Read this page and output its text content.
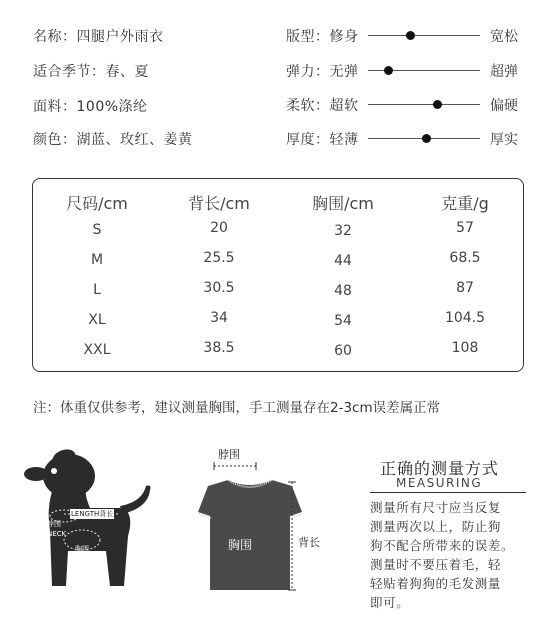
名称：四腿户外雨衣
适合季节：春、夏
面料：100%涤纶
颜色：湖蓝、玫红、姜黄
版型：修身	宽松
弹力：无弹	超弹
柔软：超软	偏硬
厚度：轻薄	厚实
尺码/cm	背长/cm	胸围/cm	克重/g
S	20	32	57
M	25.5	44	68.5
L	30.5	48	87
XL	34	54	104.5
XXL	38.5	60	108
注：体重仅供参考，建议测量胸围，手工测量存在2-3cm误差属正常
LENGTH背长
脖围
NECK
胸围
CHEST
脖围
胸围	背长
正确的测量方式
MEASURING
测量所有尺寸应当反复
测量两次以上，防止狗
狗不配合所带来的误差。
测量时不要压着毛，轻
轻贴着狗狗的毛发测量
即可。
